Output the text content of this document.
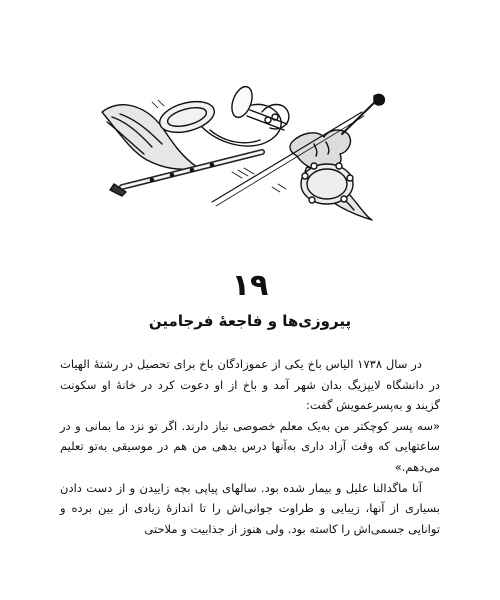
۱۹
پیروزی‌ها و فاجعهٔ فرجامین

در سال ۱۷۳۸ الیاس باخ یکی از عموزادگان باخ برای تحصیل در رشتهٔ الهیات در دانشگاه لایپزیگ بدان شهر آمد و باخ از او دعوت کرد در خانهٔ او سکونت گزیند و به‌پسرعمویش گفت:

«سه پسر کوچکتر من به‌یک معلم خصوصی نیاز دارند. اگر تو نزد ما بمانی و در ساعتهایی که وقت آزاد داری به‌آنها درس بدهی من هم در موسیقی به‌تو تعلیم می‌دهم.»

آنا ماگدالنا علیل و بیمار شده بود. سالهای پیاپی بچه زاییدن و از دست دادن بسیاری از آنها، زیبایی و طراوت جوانی‌اش را تا اندازهٔ زیادی از بین برده و توانایی جسمی‌اش را کاسته بود. ولی هنوز از جذابیت و ملاحتی
